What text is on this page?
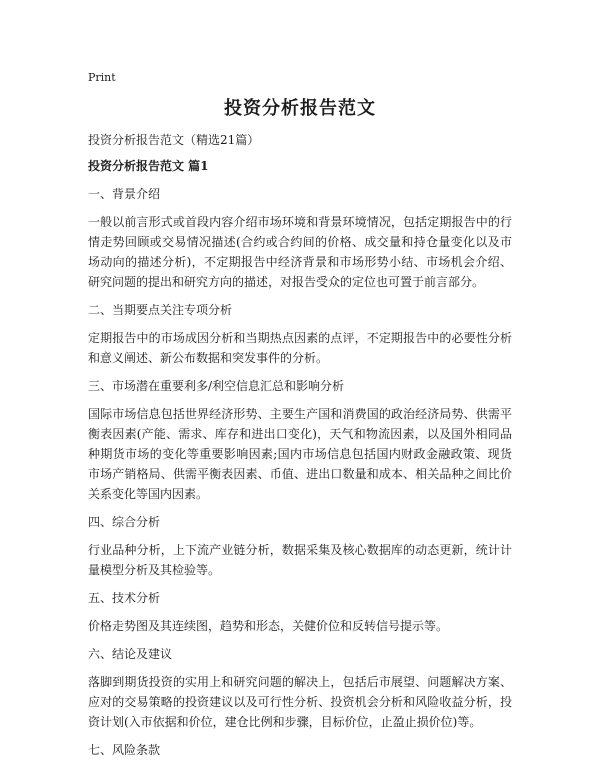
Print
投资分析报告范文
投资分析报告范文（精选21篇）
投资分析报告范文 篇1
一、背景介绍
一般以前言形式或首段内容介绍市场环境和背景环境情况，包括定期报告中的行情走势回顾或交易情况描述(合约或合约间的价格、成交量和持仓量变化以及市场动向的描述分析)，不定期报告中经济背景和市场形势小结、市场机会介绍、研究问题的提出和研究方向的描述，对报告受众的定位也可置于前言部分。
二、当期要点关注专项分析
定期报告中的市场成因分析和当期热点因素的点评，不定期报告中的必要性分析和意义阐述、新公布数据和突发事件的分析。
三、市场潜在重要利多/利空信息汇总和影响分析
国际市场信息包括世界经济形势、主要生产国和消费国的政治经济局势、供需平衡表因素(产能、需求、库存和进出口变化)，天气和物流因素，以及国外相同品种期货市场的变化等重要影响因素;国内市场信息包括国内财政金融政策、现货市场产销格局、供需平衡表因素、币值、进出口数量和成本、相关品种之间比价关系变化等国内因素。
四、综合分析
行业品种分析，上下流产业链分析，数据采集及核心数据库的动态更新，统计计量模型分析及其检验等。
五、技术分析
价格走势图及其连续图，趋势和形态，关健价位和反转信号提示等。
六、结论及建议
落脚到期货投资的实用上和研究问题的解决上，包括后市展望、问题解决方案、应对的交易策略的投资建议以及可行性分析、投资机会分析和风险收益分析，投资计划(入市依据和价位，建仓比例和步骤，目标价位，止盈止损价位)等。
七、风险条款
